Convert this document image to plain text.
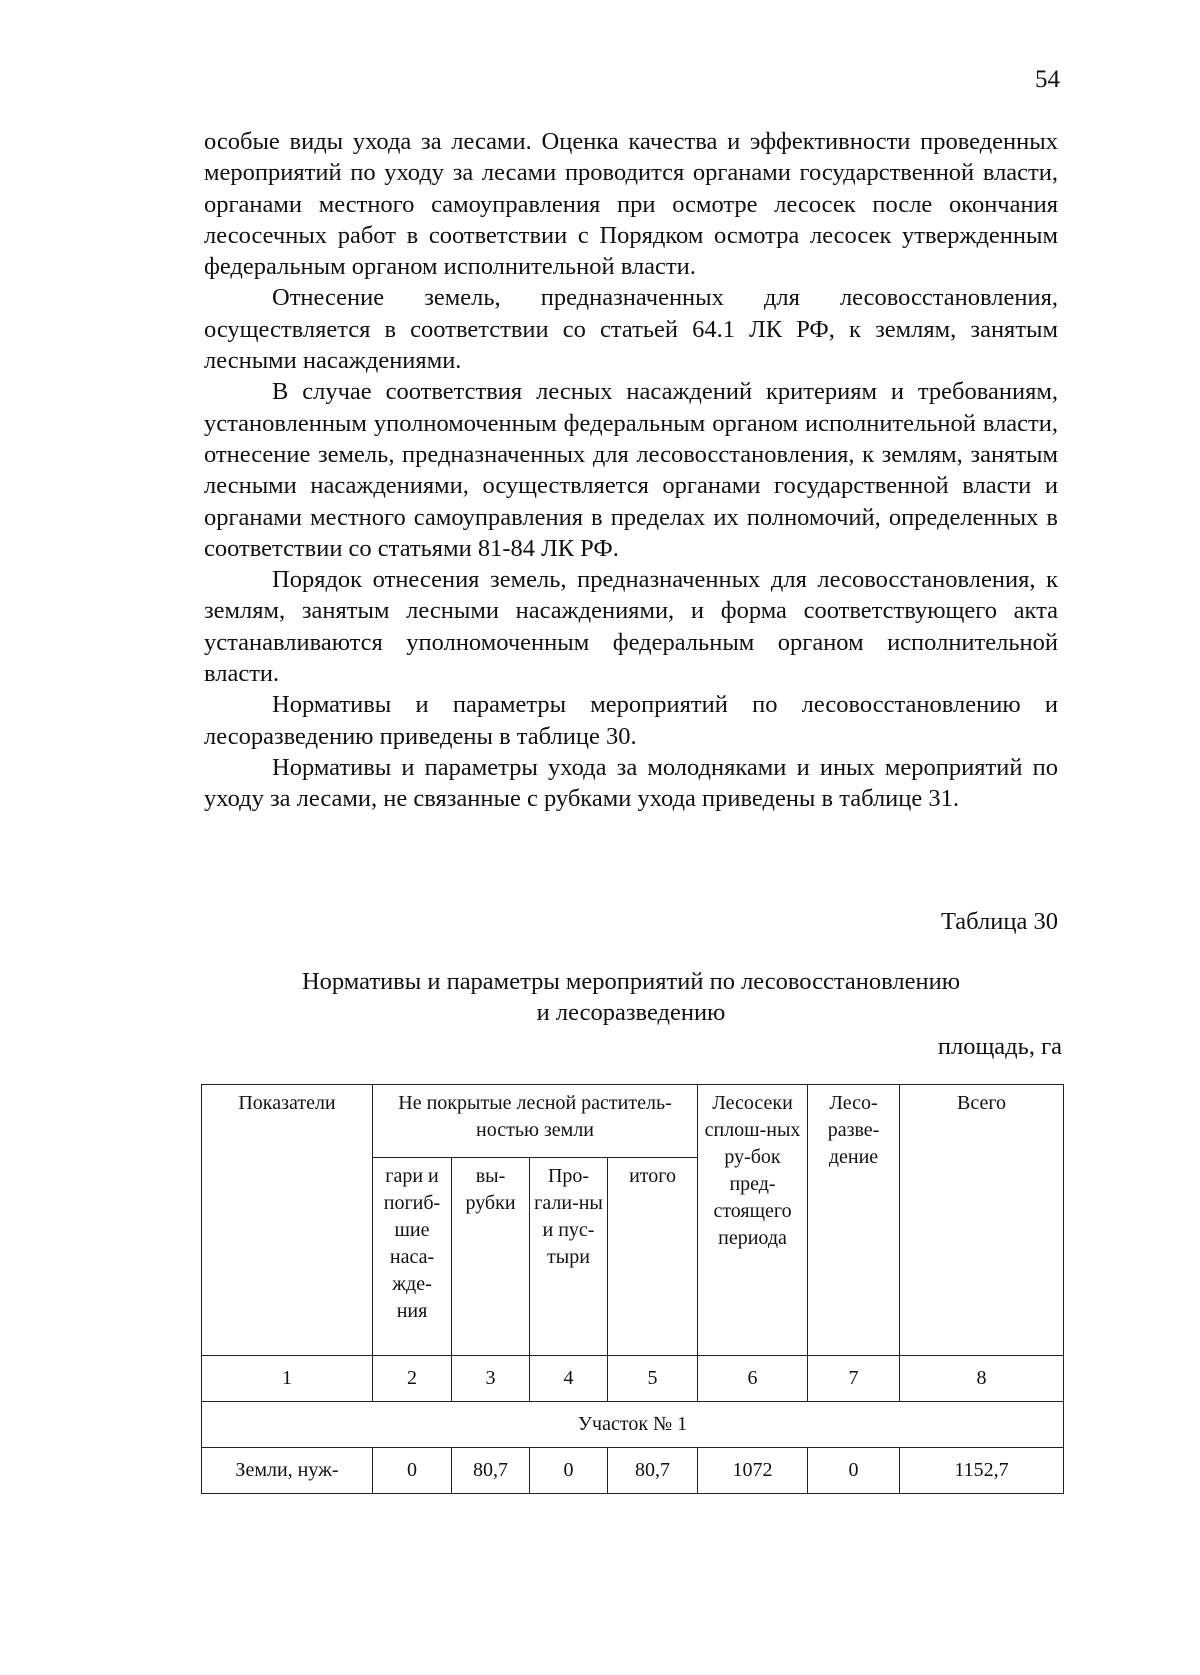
54

особые виды ухода за лесами. Оценка качества и эффективности проведенных мероприятий по уходу за лесами проводится органами государственной власти, органами местного самоуправления при осмотре лесосек после окончания лесосечных работ в соответствии с Порядком осмотра лесосек утвержденным федеральным органом исполнительной власти.

Отнесение земель, предназначенных для лесовосстановления, осуществляется в соответствии со статьей 64.1 ЛК РФ, к землям, занятым лесными насаждениями.

В случае соответствия лесных насаждений критериям и требованиям, установленным уполномоченным федеральным органом исполнительной власти, отнесение земель, предназначенных для лесовосстановления, к землям, занятым лесными насаждениями, осуществляется органами государственной власти и органами местного самоуправления в пределах их полномочий, определенных в соответствии со статьями 81-84 ЛК РФ.

Порядок отнесения земель, предназначенных для лесовосстановления, к землям, занятым лесными насаждениями, и форма соответствующего акта устанавливаются уполномоченным федеральным органом исполнительной власти.

Нормативы и параметры мероприятий по лесовосстановлению и лесоразведению приведены в таблице 30.

Нормативы и параметры ухода за молодняками и иных мероприятий по уходу за лесами, не связанные с рубками ухода приведены в таблице 31.

Таблица 30
Нормативы и параметры мероприятий по лесовосстановлению
и лесоразведению
площадь, га
Показатели	Не покрытые лесной раститель-ностью земли				Лесосеки сплош-ных ру-бок пред-стоящего периода	Лесо-разве-дение	Всего
	гари и погиб-шие наса-жде-ния	вы-рубки	Про-гали-ны и пус-тыри	итого			
1	2	3	4	5	6	7	8
Участок № 1							
Земли, нуж-	0	80,7	0	80,7	1072	0	1152,7
